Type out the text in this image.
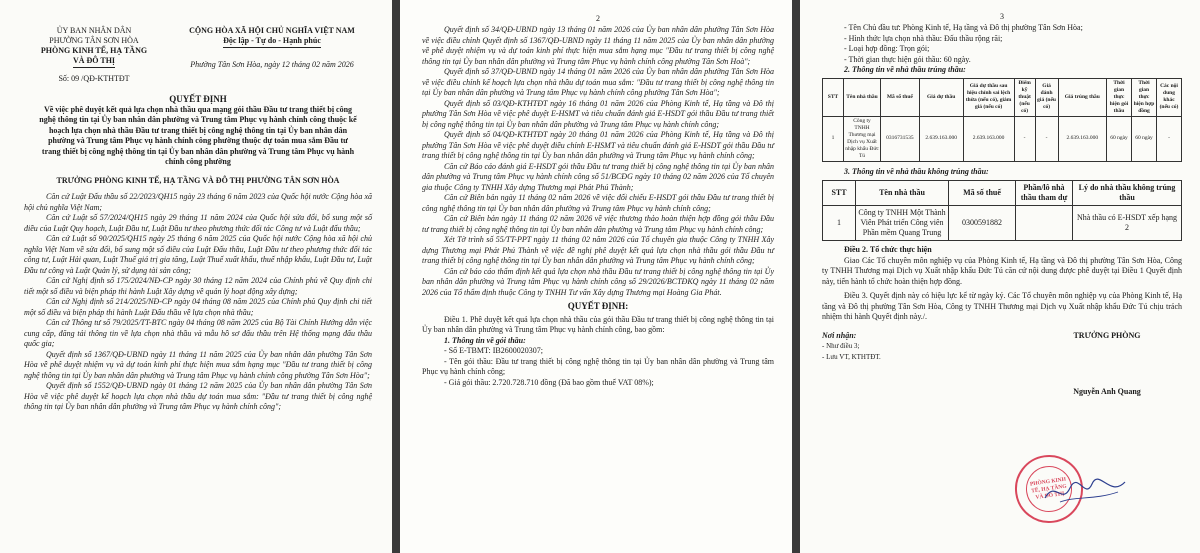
ỦY BAN NHÂN DÂN
PHƯỜNG TÂN SƠN HÒA
PHÒNG KINH TẾ, HẠ TẦNG
VÀ ĐÔ THỊ
Số: 09 /QĐ-KTHTĐT
CỘNG HÒA XÃ HỘI CHỦ NGHĨA VIỆT NAM
Độc lập - Tự do - Hạnh phúc
Phường Tân Sơn Hòa, ngày 12 tháng 02 năm 2026

QUYẾT ĐỊNH

Về việc phê duyệt kết quả lựa chọn nhà thầu qua mạng gói thầu Đầu tư trang thiết bị công nghệ thông tin tại Ủy ban nhân dân phường và Trung tâm Phục vụ hành chính công thuộc kế hoạch lựa chọn nhà thầu Đầu tư trang thiết bị công nghệ thông tin tại Ủy ban nhân dân phường và Trung tâm Phục vụ hành chính công phường thuộc dự toán mua sắm Đầu tư trang thiết bị công nghệ thông tin tại Ủy ban nhân dân phường và Trung tâm Phục vụ hành chính công phường

TRƯỞNG PHÒNG KINH TẾ, HẠ TẦNG VÀ ĐÔ THỊ PHƯỜNG TÂN SƠN HÒA

Căn cứ Luật Đấu thầu số 22/2023/QH15 ngày 23 tháng 6 năm 2023 của Quốc hội nước Cộng hòa xã hội chủ nghĩa Việt Nam;

Căn cứ Luật số 57/2024/QH15 ngày 29 tháng 11 năm 2024 của Quốc hội sửa đổi, bổ sung một số điều của Luật Quy hoạch, Luật Đầu tư, Luật Đầu tư theo phương thức đối tác Công tư và Luật đấu thầu;

Căn cứ Luật số 90/2025/QH15 ngày 25 tháng 6 năm 2025 của Quốc hội nước Cộng hòa xã hội chủ nghĩa Việt Nam về sửa đổi, bổ sung một số điều của Luật Đấu thầu, Luật Đầu tư theo phương thức đối tác công tư, Luật Hải quan, Luật Thuế giá trị gia tăng, Luật Thuế xuất khẩu, thuế nhập khẩu, Luật Đầu tư, Luật Đầu tư công và Luật Quản lý, sử dụng tài sản công;

Căn cứ Nghị định số 175/2024/NĐ-CP ngày 30 tháng 12 năm 2024 của Chính phủ về Quy định chi tiết một số điều và biện pháp thi hành Luật Xây dựng về quản lý hoạt động xây dựng;

Căn cứ Nghị định số 214/2025/NĐ-CP ngày 04 tháng 08 năm 2025 của Chính phủ Quy định chi tiết một số điều và biện pháp thi hành Luật Đấu thầu về lựa chọn nhà thầu;

Căn cứ Thông tư số 79/2025/TT-BTC ngày 04 tháng 08 năm 2025 của Bộ Tài Chính Hướng dẫn việc cung cấp, đăng tải thông tin về lựa chọn nhà thầu và mẫu hồ sơ đấu thầu trên Hệ thống mạng đấu thầu quốc gia;

Quyết định số 1367/QĐ-UBND ngày 11 tháng 11 năm 2025 của Ủy ban nhân dân phường Tân Sơn Hòa về phê duyệt nhiệm vụ và dự toán kinh phí thực hiện mua sắm hạng mục "Đầu tư trang thiết bị công nghệ thông tin tại Ủy ban nhân dân phường và Trung tâm Phục vụ hành chính công phường Tân Sơn Hòa";

Quyết định số 1552/QĐ-UBND ngày 01 tháng 12 năm 2025 của Ủy ban nhân dân phường Tân Sơn Hòa về việc phê duyệt kế hoạch lựa chọn nhà thầu dự toán mua sắm: "Đầu tư trang thiết bị công nghệ thông tin tại Ủy ban nhân dân phường và Trung tâm Phục vụ hành chính công";

2

Quyết định số 34/QĐ-UBND ngày 13 tháng 01 năm 2026 của Ủy ban nhân dân phường Tân Sơn Hòa về việc điều chỉnh Quyết định số 1367/QĐ-UBND ngày 11 tháng 11 năm 2025 của Ủy ban nhân dân phường về phê duyệt nhiệm vụ và dự toán kinh phí thực hiện mua sắm hạng mục "Đầu tư trang thiết bị công nghệ thông tin tại Ủy ban nhân dân phường và Trung tâm Phục vụ hành chính công phường Tân Sơn Hoà";

Quyết định số 37/QĐ-UBND ngày 14 tháng 01 năm 2026 của Ủy ban nhân dân phường Tân Sơn Hòa về việc điều chỉnh kế hoạch lựa chọn nhà thầu dự toán mua sắm: "Đầu tư trang thiết bị công nghệ thông tin tại Ủy ban nhân dân phường và Trung tâm Phục vụ hành chính công phường Tân Sơn Hòa";

Quyết định số 03/QĐ-KTHTĐT ngày 16 tháng 01 năm 2026 của Phòng Kinh tế, Hạ tầng và Đô thị phường Tân Sơn Hòa về việc phê duyệt E-HSMT và tiêu chuẩn đánh giá E-HSDT gói thầu Đầu tư trang thiết bị công nghệ thông tin tại Ủy ban nhân dân phường và Trung tâm Phục vụ hành chính công;

Quyết định số 04/QĐ-KTHTĐT ngày 20 tháng 01 năm 2026 của Phòng Kinh tế, Hạ tầng và Đô thị phường Tân Sơn Hòa về việc phê duyệt điều chỉnh E-HSMT và tiêu chuẩn đánh giá E-HSDT gói thầu Đầu tư trang thiết bị công nghệ thông tin tại Ủy ban nhân dân phường và Trung tâm Phục vụ hành chính công;

Căn cứ Báo cáo đánh giá E-HSDT gói thầu Đầu tư trang thiết bị công nghệ thông tin tại Ủy ban nhân dân phường và Trung tâm Phục vụ hành chính công số 51/BCĐG ngày 10 tháng 02 năm 2026 của Tổ chuyên gia thuộc Công ty TNHH Xây dựng Thương mại Phát Phú Thành;

Căn cứ Biên bản ngày 11 tháng 02 năm 2026 về việc đối chiếu E-HSDT gói thầu Đầu tư trang thiết bị công nghệ thông tin tại Ủy ban nhân dân phường và Trung tâm Phục vụ hành chính công;

Căn cứ Biên bản ngày 11 tháng 02 năm 2026 về việc thương thảo hoàn thiện hợp đồng gói thầu Đầu tư trang thiết bị công nghệ thông tin tại Ủy ban nhân dân phường và Trung tâm Phục vụ hành chính công;

Xét Tờ trình số 55/TT-PPT ngày 11 tháng 02 năm 2026 của Tổ chuyên gia thuộc Công ty TNHH Xây dựng Thương mại Phát Phú Thành về việc đề nghị phê duyệt kết quả lựa chọn nhà thầu gói thầu Đầu tư trang thiết bị công nghệ thông tin tại Ủy ban nhân dân phường và Trung tâm Phục vụ hành chính công;

Căn cứ báo cáo thẩm định kết quả lựa chọn nhà thầu Đầu tư trang thiết bị công nghệ thông tin tại Ủy ban nhân dân phường và Trung tâm Phục vụ hành chính công số 29/2026/BCTĐKQ ngày 11 tháng 02 năm 2026 của Tổ thẩm định thuộc Công ty TNHH Tư vấn Xây dựng Thương mại Hoàng Gia Phát.

QUYẾT ĐỊNH:

Điều 1. Phê duyệt kết quả lựa chọn nhà thầu của gói thầu Đầu tư trang thiết bị công nghệ thông tin tại Ủy ban nhân dân phường và Trung tâm Phục vụ hành chính công, bao gồm:

1. Thông tin về gói thầu:

- Số E-TBMT: IB2600020307;

- Tên gói thầu: Đầu tư trang thiết bị công nghệ thông tin tại Ủy ban nhân dân phường và Trung tâm Phục vụ hành chính công;

- Giá gói thầu: 2.720.728.710 đồng (Đã bao gồm thuế VAT 08%);

3

- Tên Chủ đầu tư: Phòng Kinh tế, Hạ tầng và Đô thị phường Tân Sơn Hòa;

- Hình thức lựa chọn nhà thầu: Đấu thầu rộng rãi;

- Loại hợp đồng: Trọn gói;

- Thời gian thực hiện gói thầu: 60 ngày.

2. Thông tin về nhà thầu trúng thầu:

STT	Tên nhà thầu	Mã số thuế	Giá dự thầu	Giá dự thầu sau hiệu chỉnh sai lệch thừa (nếu có), giảm giá (nếu có)	Điểm kỹ thuật (nếu có)	Giá đánh giá (nếu có)	Giá trúng thầu	Thời gian thực hiện gói thầu	Thời gian thực hiện hợp đồng	Các nội dung khác (nếu có)
1	Công ty TNHH Thương mại Dịch vụ Xuất nhập khẩu Đức Tú	0316731535	2.639.163.000	2.639.163.000	-	-	2.639.163.000	60 ngày	60 ngày	-

3. Thông tin về nhà thầu không trúng thầu:

STT	Tên nhà thầu	Mã số thuế	Phần/lô nhà thầu tham dự	Lý do nhà thầu không trúng thầu
1	Công ty TNHH Một Thành Viên Phát triển Công viên Phần mềm Quang Trung	0300591882		Nhà thầu có E-HSDT xếp hạng 2

Điều 2. Tổ chức thực hiện

Giao Các Tổ chuyên môn nghiệp vụ của Phòng Kinh tế, Hạ tầng và Đô thị phường Tân Sơn Hòa, Công ty TNHH Thương mại Dịch vụ Xuất nhập khẩu Đức Tú căn cứ nội dung được phê duyệt tại Điều 1 Quyết định này, tiến hành tổ chức hoàn thiện hợp đồng.

Điều 3. Quyết định này có hiệu lực kể từ ngày ký. Các Tổ chuyên môn nghiệp vụ của Phòng Kinh tế, Hạ tầng và Đô thị phường Tân Sơn Hòa, Công ty TNHH Thương mại Dịch vụ Xuất nhập khẩu Đức Tú chịu trách nhiệm thi hành Quyết định này./.

Nơi nhận:

- Như điều 3;

- Lưu VT, KTHTĐT.

TRƯỞNG PHÒNG

Nguyễn Anh Quang

PHÒNG KINH TẾ, HẠ TẦNG VÀ ĐÔ THỊ
